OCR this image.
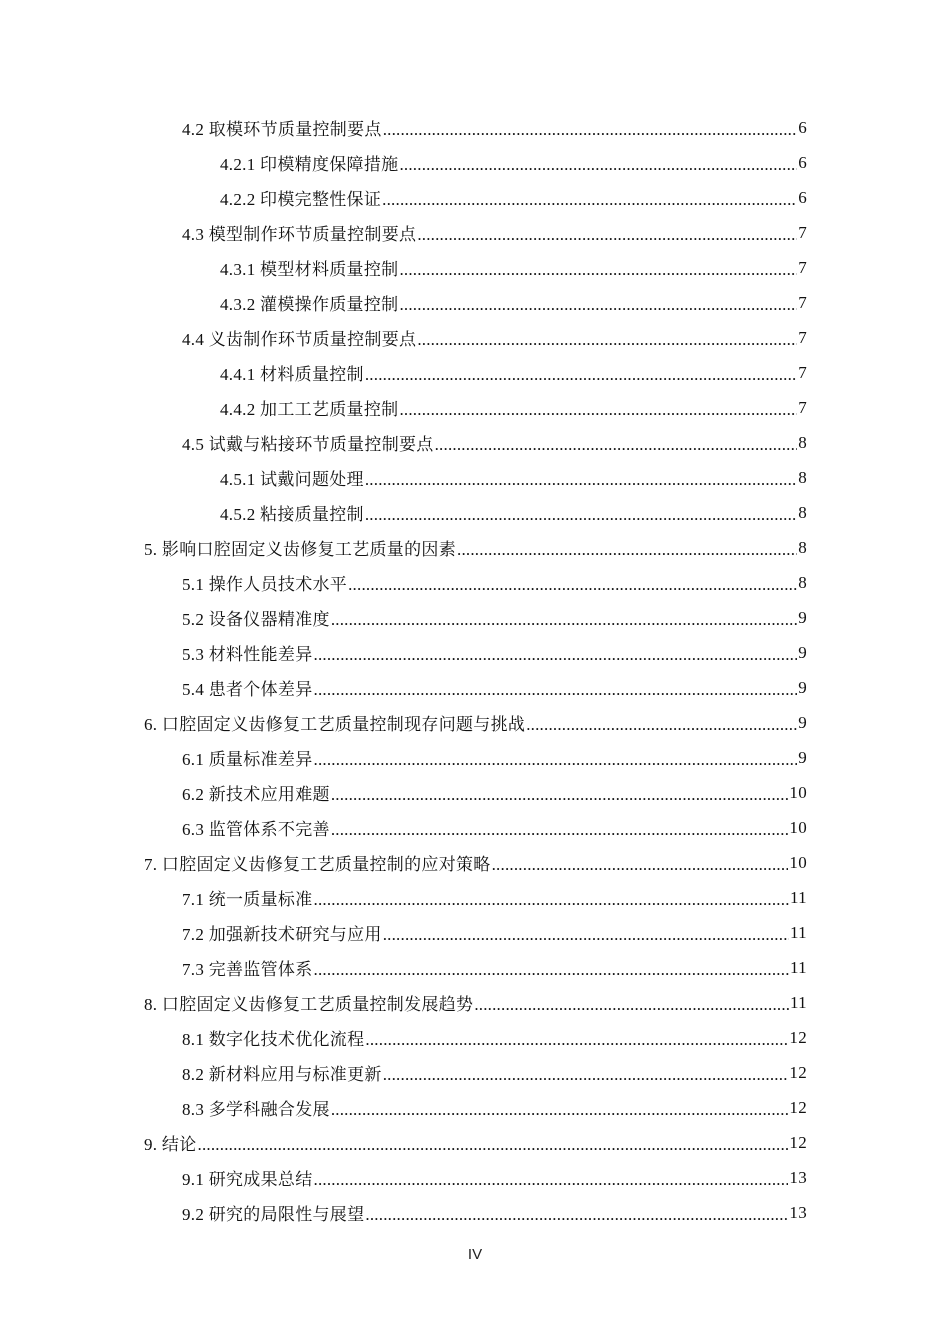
4.2 取模环节质量控制要点 .....	6
4.2.1 印模精度保障措施 .....	6
4.2.2 印模完整性保证 .....	6
4.3 模型制作环节质量控制要点 .....	7
4.3.1 模型材料质量控制 .....	7
4.3.2 灌模操作质量控制 .....	7
4.4 义齿制作环节质量控制要点 .....	7
4.4.1 材料质量控制 .....	7
4.4.2 加工工艺质量控制 .....	7
4.5 试戴与粘接环节质量控制要点 .....	8
4.5.1 试戴问题处理 .....	8
4.5.2 粘接质量控制 .....	8
5. 影响口腔固定义齿修复工艺质量的因素 .....	8
5.1 操作人员技术水平 .....	8
5.2 设备仪器精准度 .....	9
5.3 材料性能差异 .....	9
5.4 患者个体差异 .....	9
6. 口腔固定义齿修复工艺质量控制现存问题与挑战 .....	9
6.1 质量标准差异 .....	9
6.2 新技术应用难题 .....	10
6.3 监管体系不完善 .....	10
7. 口腔固定义齿修复工艺质量控制的应对策略 .....	10
7.1 统一质量标准 .....	11
7.2 加强新技术研究与应用 .....	11
7.3 完善监管体系 .....	11
8. 口腔固定义齿修复工艺质量控制发展趋势 .....	11
8.1 数字化技术优化流程 .....	12
8.2 新材料应用与标准更新 .....	12
8.3 多学科融合发展 .....	12
9. 结论 .....	12
9.1 研究成果总结 .....	13
9.2 研究的局限性与展望 .....	13
IV
